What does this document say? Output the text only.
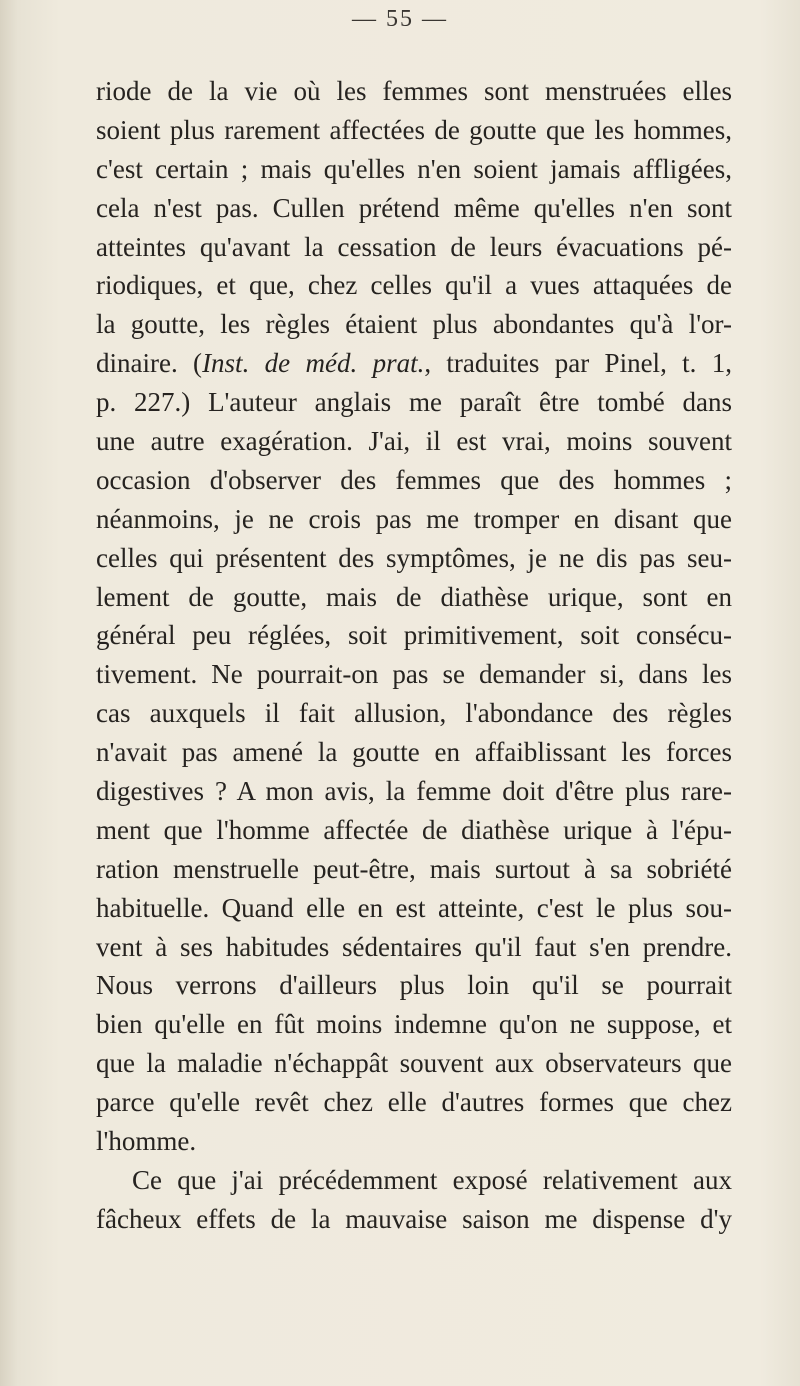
— 55 —
riode de la vie où les femmes sont menstruées elles
soient plus rarement affectées de goutte que les hommes,
c'est certain ; mais qu'elles n'en soient jamais affligées,
cela n'est pas. Cullen prétend même qu'elles n'en sont
atteintes qu'avant la cessation de leurs évacuations pé-
riodiques, et que, chez celles qu'il a vues attaquées de
la goutte, les règles étaient plus abondantes qu'à l'or-
dinaire. (Inst. de méd. prat., traduites par Pinel, t. 1,
p. 227.) L'auteur anglais me paraît être tombé dans
une autre exagération. J'ai, il est vrai, moins souvent
occasion d'observer des femmes que des hommes ;
néanmoins, je ne crois pas me tromper en disant que
celles qui présentent des symptômes, je ne dis pas seu-
lement de goutte, mais de diathèse urique, sont en
général peu réglées, soit primitivement, soit consécu-
tivement. Ne pourrait-on pas se demander si, dans les
cas auxquels il fait allusion, l'abondance des règles
n'avait pas amené la goutte en affaiblissant les forces
digestives ? A mon avis, la femme doit d'être plus rare-
ment que l'homme affectée de diathèse urique à l'épu-
ration menstruelle peut-être, mais surtout à sa sobriété
habituelle. Quand elle en est atteinte, c'est le plus sou-
vent à ses habitudes sédentaires qu'il faut s'en prendre.
Nous verrons d'ailleurs plus loin qu'il se pourrait
bien qu'elle en fût moins indemne qu'on ne suppose, et
que la maladie n'échappât souvent aux observateurs que
parce qu'elle revêt chez elle d'autres formes que chez
l'homme.
Ce que j'ai précédemment exposé relativement aux
fâcheux effets de la mauvaise saison me dispense d'y
